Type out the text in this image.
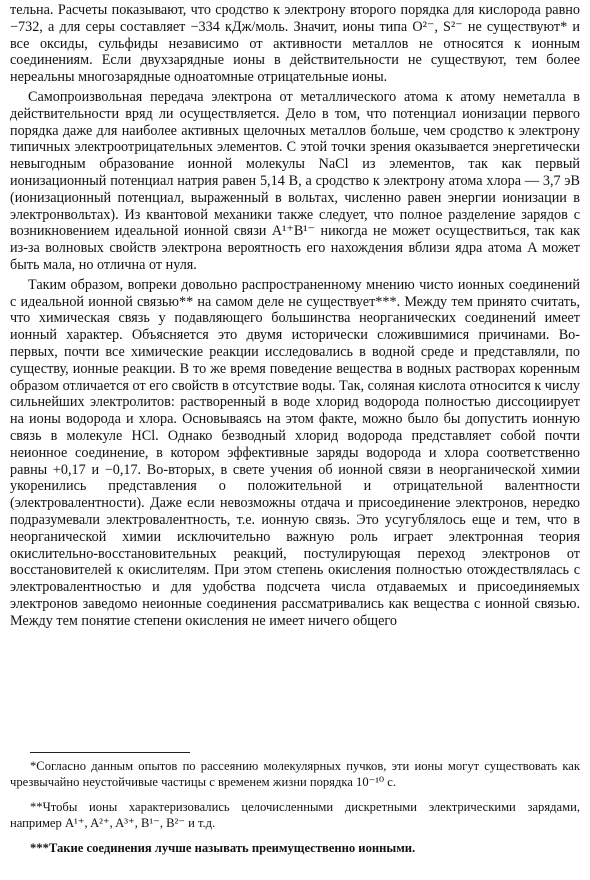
тельна. Расчеты показывают, что сродство к электрону второго порядка для кислорода равно −732, а для серы составляет −334 кДж/моль. Значит, ионы типа O²⁻, S²⁻ не существуют* и все оксиды, сульфиды независимо от активности металлов не относятся к ионным соединениям. Если двухзарядные ионы в действительности не существуют, тем более нереальны многозарядные одноатомные отрицательные ионы.

Самопроизвольная передача электрона от металлического атома к атому неметалла в действительности вряд ли осуществляется. Дело в том, что потенциал ионизации первого порядка даже для наиболее активных щелочных металлов больше, чем сродство к электрону типичных электроотрицательных элементов. С этой точки зрения оказывается энергетически невыгодным образование ионной молекулы NaCl из элементов, так как первый ионизационный потенциал натрия равен 5,14 В, а сродство к электрону атома хлора — 3,7 эВ (ионизационный потенциал, выраженный в вольтах, численно равен энергии ионизации в электронвольтах). Из квантовой механики также следует, что полное разделение зарядов с возникновением идеальной ионной связи A¹⁺B¹⁻ никогда не может осуществиться, так как из-за волновых свойств электрона вероятность его нахождения вблизи ядра атома A может быть мала, но отлична от нуля.

Таким образом, вопреки довольно распространенному мнению чисто ионных соединений с идеальной ионной связью** на самом деле не существует***. Между тем принято считать, что химическая связь у подавляющего большинства неорганических соединений имеет ионный характер. Объясняется это двумя исторически сложившимися причинами. Во-первых, почти все химические реакции исследовались в водной среде и представляли, по существу, ионные реакции. В то же время поведение вещества в водных растворах коренным образом отличается от его свойств в отсутствие воды. Так, соляная кислота относится к числу сильнейших электролитов: растворенный в воде хлорид водорода полностью диссоциирует на ионы водорода и хлора. Основываясь на этом факте, можно было бы допустить ионную связь в молекуле HCl. Однако безводный хлорид водорода представляет собой почти неионное соединение, в котором эффективные заряды водорода и хлора соответственно равны +0,17 и −0,17. Во-вторых, в свете учения об ионной связи в неорганической химии укоренились представления о положительной и отрицательной валентности (электровалентности). Даже если невозможны отдача и присоединение электронов, нередко подразумевали электровалентность, т.е. ионную связь. Это усугублялось еще и тем, что в неорганической химии исключительно важную роль играет электронная теория окислительно-восстановительных реакций, постулирующая переход электронов от восстановителей к окислителям. При этом степень окисления полностью отождествлялась с электровалентностью и для удобства подсчета числа отдаваемых и присоединяемых электронов заведомо неионные соединения рассматривались как вещества с ионной связью. Между тем понятие степени окисления не имеет ничего общего

*Согласно данным опытов по рассеянию молекулярных пучков, эти ионы могут существовать как чрезвычайно неустойчивые частицы с временем жизни порядка 10⁻¹⁰ с.

**Чтобы ионы характеризовались целочисленными дискретными электрическими зарядами, например A¹⁺, A²⁺, A³⁺, B¹⁻, B²⁻ и т.д.

***Такие соединения лучше называть преимущественно ионными.
